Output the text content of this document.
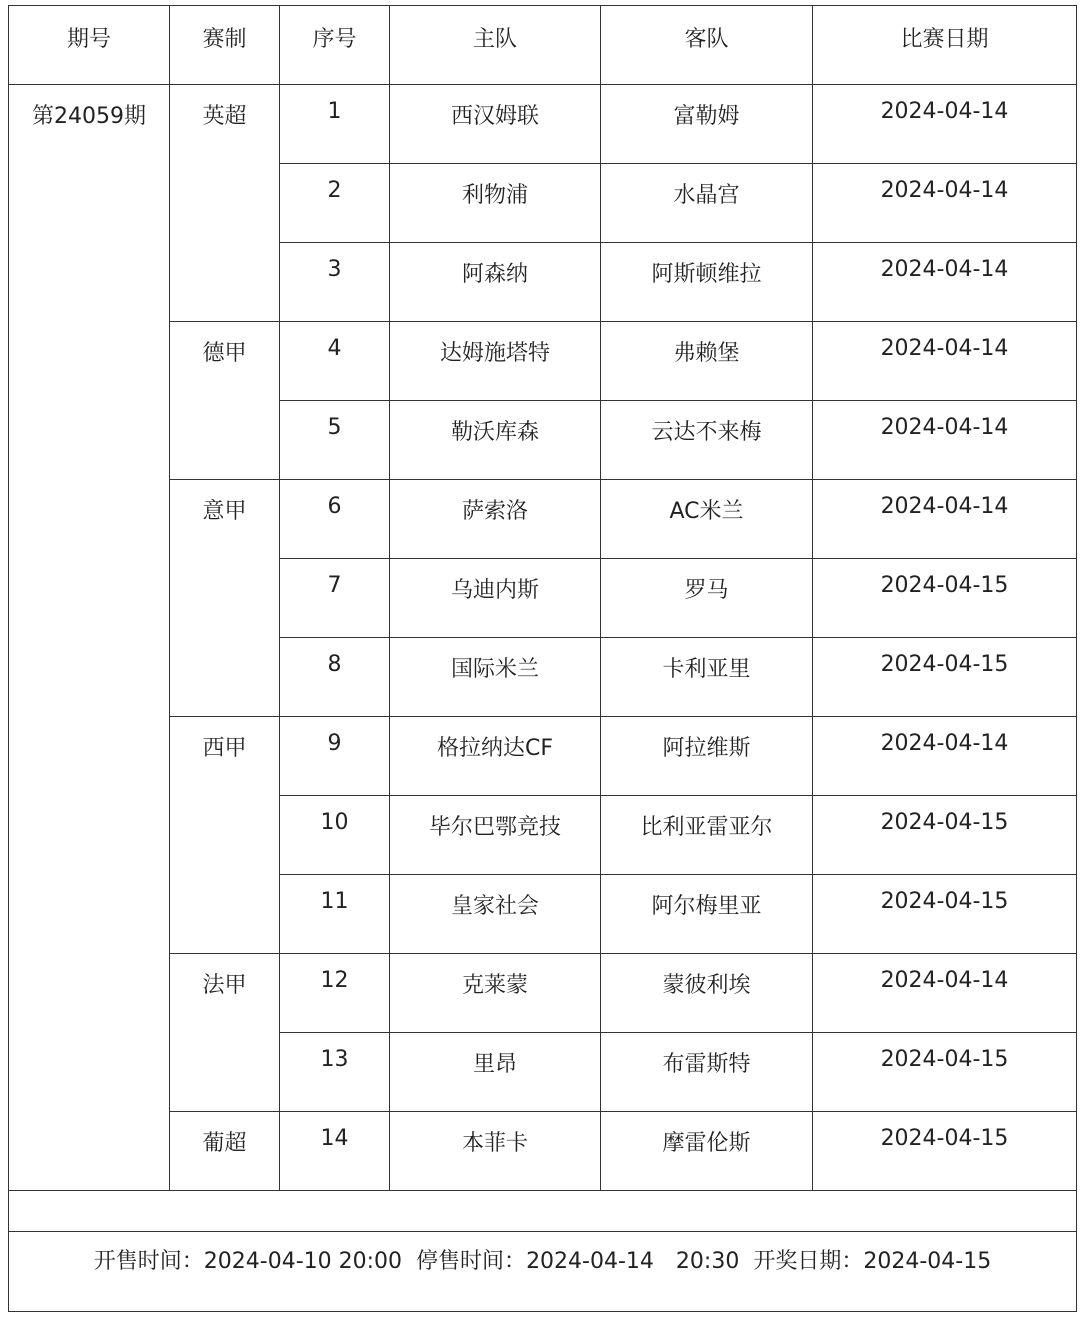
期号	赛制	序号	主队	客队	比赛日期
第24059期	英超	1	西汉姆联	富勒姆	2024-04-14
		2	利物浦	水晶宫	2024-04-14
		3	阿森纳	阿斯顿维拉	2024-04-14
	德甲	4	达姆施塔特	弗赖堡	2024-04-14
		5	勒沃库森	云达不来梅	2024-04-14
	意甲	6	萨索洛	AC米兰	2024-04-14
		7	乌迪内斯	罗马	2024-04-15
		8	国际米兰	卡利亚里	2024-04-15
	西甲	9	格拉纳达CF	阿拉维斯	2024-04-14
		10	毕尔巴鄂竞技	比利亚雷亚尔	2024-04-15
		11	皇家社会	阿尔梅里亚	2024-04-15
	法甲	12	克莱蒙	蒙彼利埃	2024-04-14
		13	里昂	布雷斯特	2024-04-15
	葡超	14	本菲卡	摩雷伦斯	2024-04-15

开售时间：2024-04-10 20:00 停售时间：2024-04-14　20:30 开奖日期：2024-04-15					
